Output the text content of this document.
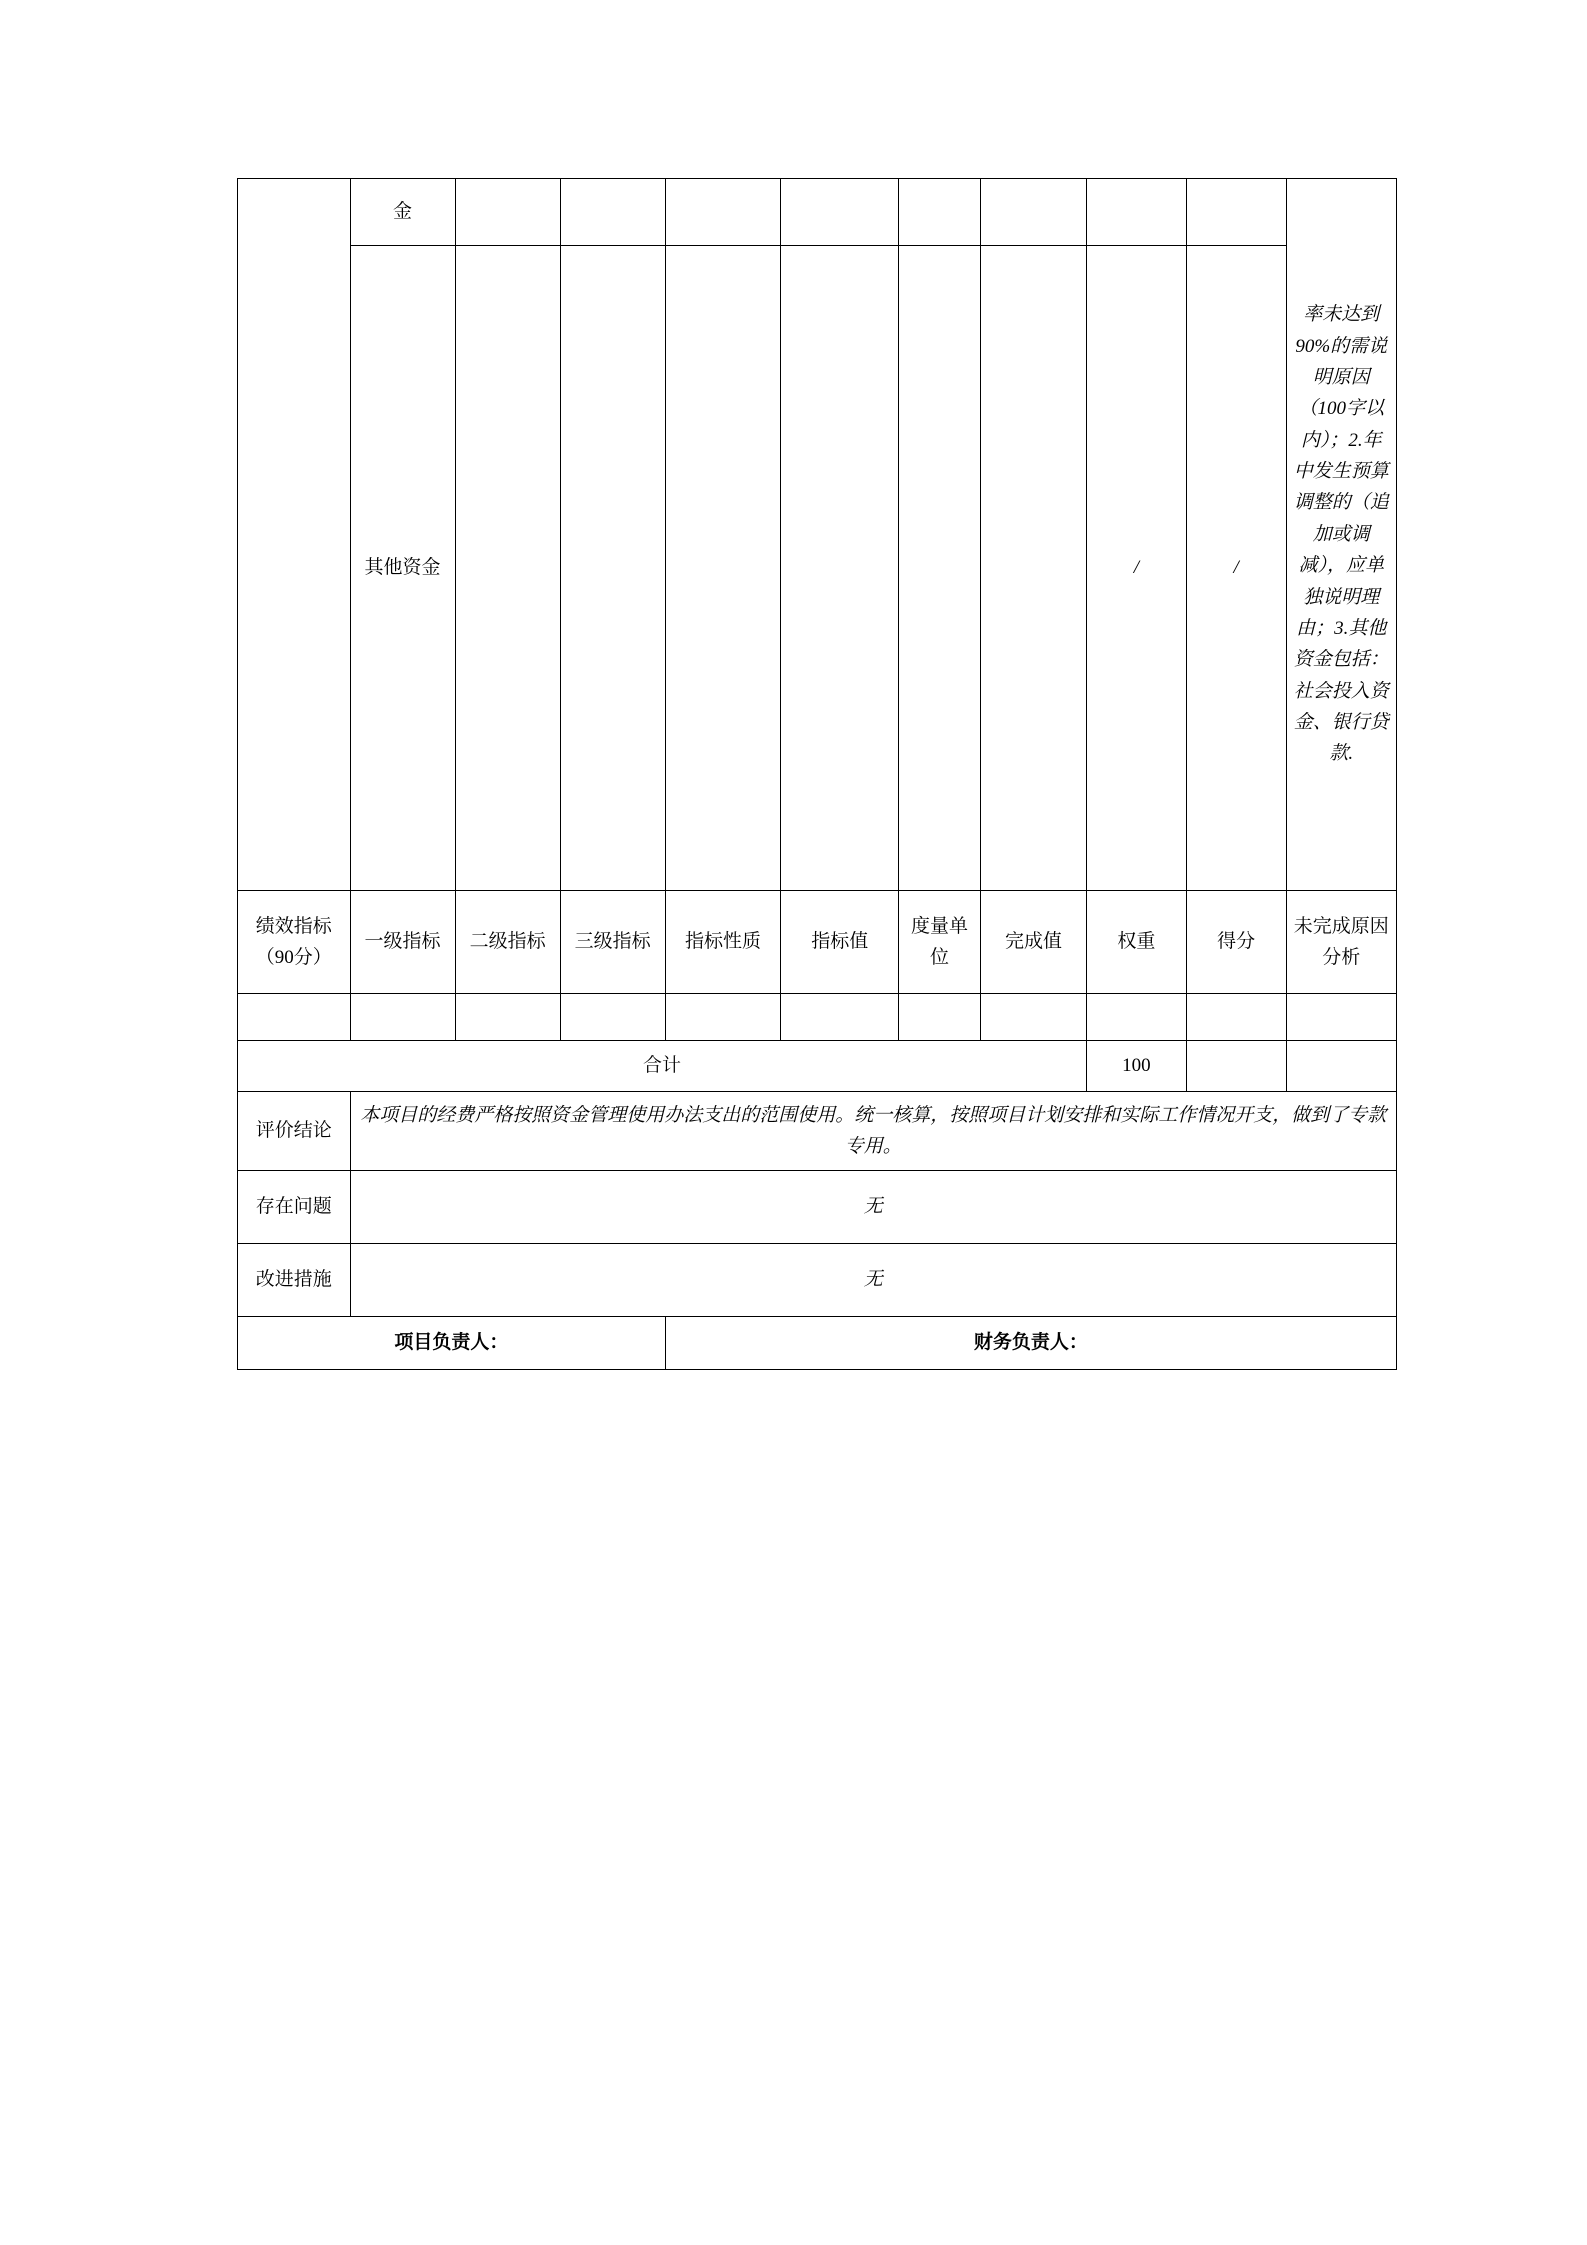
	金									率未达到90%的需说明原因（100字以内）；2.年中发生预算调整的（追加或调减），应单独说明理由；3.其他资金包括：社会投入资金、银行贷款.
	其他资金							/	/	
绩效指标（90分）	一级指标	二级指标	三级指标	指标性质	指标值	度量单位	完成值	权重	得分	未完成原因分析

合计								100		
评价结论	本项目的经费严格按照资金管理使用办法支出的范围使用。统一核算，按照项目计划安排和实际工作情况开支，做到了专款专用。									
存在问题	无									
改进措施	无									
项目负责人：				财务负责人：						
